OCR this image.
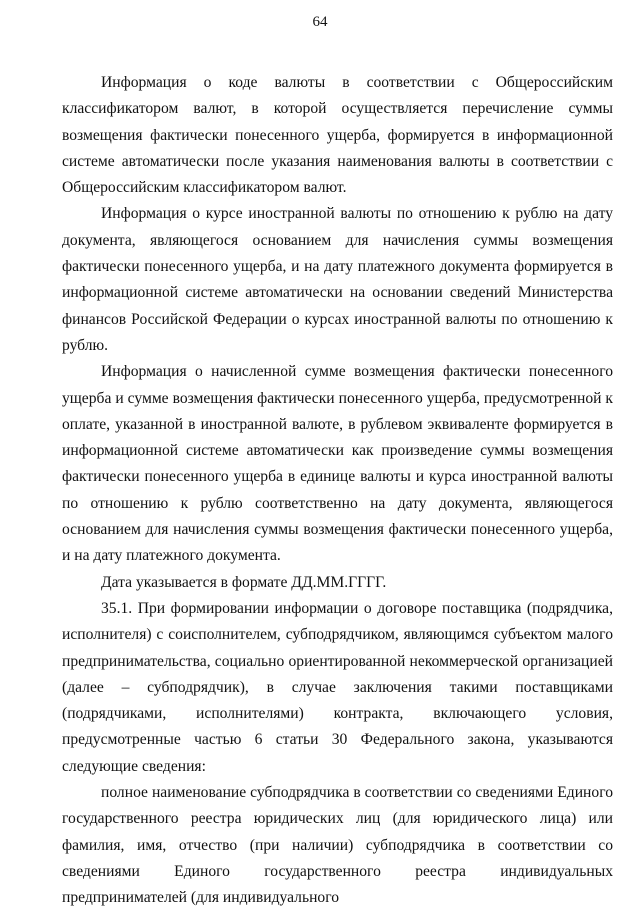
64

Информация о коде валюты в соответствии с Общероссийским классификатором валют, в которой осуществляется перечисление суммы возмещения фактически понесенного ущерба, формируется в информационной системе автоматически после указания наименования валюты в соответствии с Общероссийским классификатором валют.

Информация о курсе иностранной валюты по отношению к рублю на дату документа, являющегося основанием для начисления суммы возмещения фактически понесенного ущерба, и на дату платежного документа формируется в информационной системе автоматически на основании сведений Министерства финансов Российской Федерации о курсах иностранной валюты по отношению к рублю.

Информация о начисленной сумме возмещения фактически понесенного ущерба и сумме возмещения фактически понесенного ущерба, предусмотренной к оплате, указанной в иностранной валюте, в рублевом эквиваленте формируется в информационной системе автоматически как произведение суммы возмещения фактически понесенного ущерба в единице валюты и курса иностранной валюты по отношению к рублю соответственно на дату документа, являющегося основанием для начисления суммы возмещения фактически понесенного ущерба, и на дату платежного документа.

Дата указывается в формате ДД.ММ.ГГГГ.

35.1. При формировании информации о договоре поставщика (подрядчика, исполнителя) с соисполнителем, субподрядчиком, являющимся субъектом малого предпринимательства, социально ориентированной некоммерческой организацией (далее – субподрядчик), в случае заключения такими поставщиками (подрядчиками, исполнителями) контракта, включающего условия, предусмотренные частью 6 статьи 30 Федерального закона, указываются следующие сведения:

полное наименование субподрядчика в соответствии со сведениями Единого государственного реестра юридических лиц (для юридического лица) или фамилия, имя, отчество (при наличии) субподрядчика в соответствии со сведениями Единого государственного реестра индивидуальных предпринимателей (для индивидуального
